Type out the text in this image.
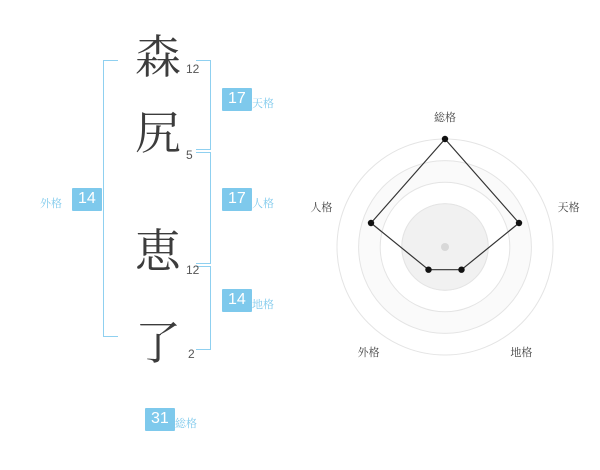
森
尻
恵
了
12
5
12
2
17 天格
17 人格
14 地格
14
外格
31 総格
総格
天格
地格
外格
人格
